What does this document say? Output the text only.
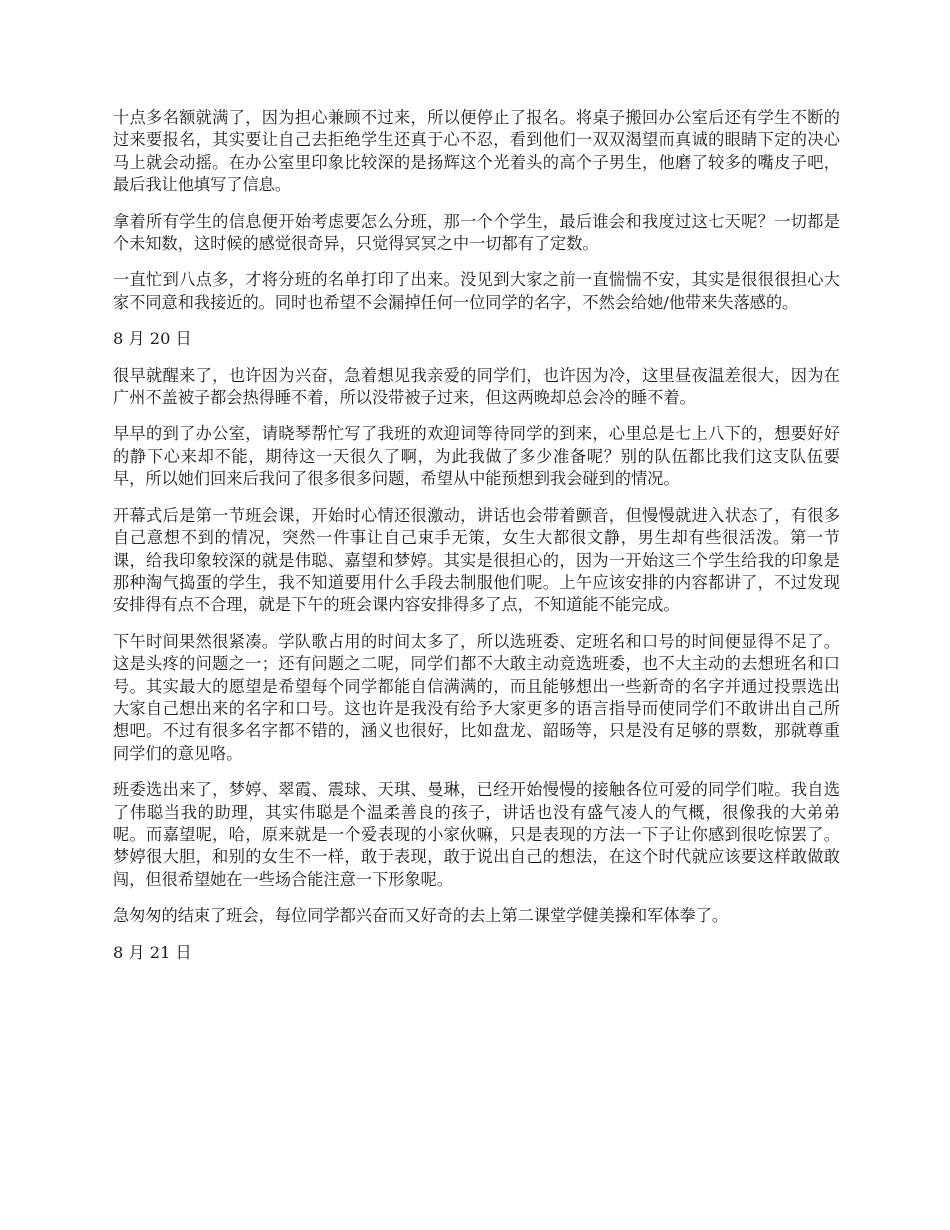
十点多名额就满了，因为担心兼顾不过来，所以便停止了报名。将桌子搬回办公室后还有学生不断的过来要报名，其实要让自己去拒绝学生还真于心不忍，看到他们一双双渴望而真诚的眼睛下定的决心马上就会动摇。在办公室里印象比较深的是扬辉这个光着头的高个子男生，他磨了较多的嘴皮子吧，最后我让他填写了信息。

拿着所有学生的信息便开始考虑要怎么分班，那一个个学生，最后谁会和我度过这七天呢？一切都是个未知数，这时候的感觉很奇异，只觉得冥冥之中一切都有了定数。

一直忙到八点多，才将分班的名单打印了出来。没见到大家之前一直惴惴不安，其实是很很很担心大家不同意和我接近的。同时也希望不会漏掉任何一位同学的名字，不然会给她/他带来失落感的。

8 月 20 日

很早就醒来了，也许因为兴奋，急着想见我亲爱的同学们，也许因为冷，这里昼夜温差很大，因为在广州不盖被子都会热得睡不着，所以没带被子过来，但这两晚却总会冷的睡不着。

早早的到了办公室，请晓琴帮忙写了我班的欢迎词等待同学的到来，心里总是七上八下的，想要好好的静下心来却不能，期待这一天很久了啊，为此我做了多少准备呢？别的队伍都比我们这支队伍要早，所以她们回来后我问了很多很多问题，希望从中能预想到我会碰到的情况。

开幕式后是第一节班会课，开始时心情还很激动，讲话也会带着颤音，但慢慢就进入状态了，有很多自己意想不到的情况，突然一件事让自己束手无策，女生大都很文静，男生却有些很活泼。第一节课，给我印象较深的就是伟聪、嘉望和梦婷。其实是很担心的，因为一开始这三个学生给我的印象是那种淘气捣蛋的学生，我不知道要用什么手段去制服他们呢。上午应该安排的内容都讲了，不过发现安排得有点不合理，就是下午的班会课内容安排得多了点，不知道能不能完成。

下午时间果然很紧凑。学队歌占用的时间太多了，所以选班委、定班名和口号的时间便显得不足了。这是头疼的问题之一；还有问题之二呢，同学们都不大敢主动竞选班委，也不大主动的去想班名和口号。其实最大的愿望是希望每个同学都能自信满满的，而且能够想出一些新奇的名字并通过投票选出大家自己想出来的名字和口号。这也许是我没有给予大家更多的语言指导而使同学们不敢讲出自己所想吧。不过有很多名字都不错的，涵义也很好，比如盘龙、韶旸等，只是没有足够的票数，那就尊重同学们的意见咯。

班委选出来了，梦婷、翠霞、震球、天琪、曼琳，已经开始慢慢的接触各位可爱的同学们啦。我自选了伟聪当我的助理，其实伟聪是个温柔善良的孩子，讲话也没有盛气凌人的气概，很像我的大弟弟呢。而嘉望呢，哈，原来就是一个爱表现的小家伙嘛，只是表现的方法一下子让你感到很吃惊罢了。梦婷很大胆，和别的女生不一样，敢于表现，敢于说出自己的想法，在这个时代就应该要这样敢做敢闯，但很希望她在一些场合能注意一下形象呢。

急匆匆的结束了班会，每位同学都兴奋而又好奇的去上第二课堂学健美操和军体拳了。

8 月 21 日
